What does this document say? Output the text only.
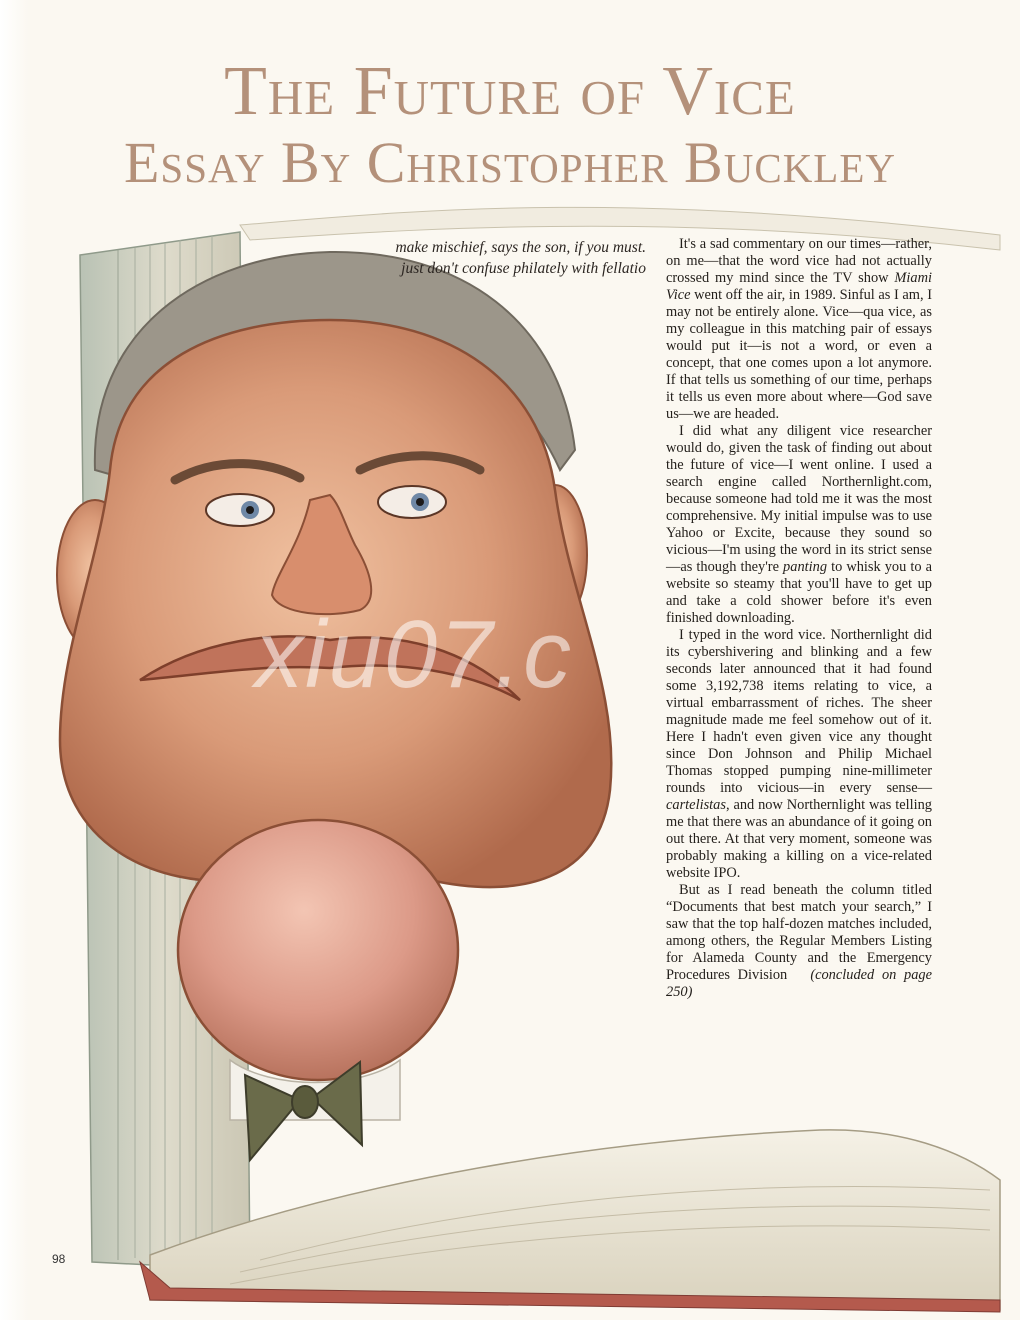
The Future of Vice
Essay By Christopher Buckley
make mischief, says the son, if you must. just don't confuse philately with fellatio

It's a sad commentary on our times—rather, on me—that the word vice had not actually crossed my mind since the TV show Miami Vice went off the air, in 1989. Sinful as I am, I may not be entirely alone. Vice—qua vice, as my colleague in this matching pair of essays would put it—is not a word, or even a concept, that one comes upon a lot anymore. If that tells us something of our time, perhaps it tells us even more about where—God save us—we are headed.

I did what any diligent vice researcher would do, given the task of finding out about the future of vice—I went online. I used a search engine called Northernlight.com, because someone had told me it was the most comprehensive. My initial impulse was to use Yahoo or Excite, because they sound so vicious—I'm using the word in its strict sense—as though they're panting to whisk you to a website so steamy that you'll have to get up and take a cold shower before it's even finished downloading.

I typed in the word vice. Northernlight did its cybershivering and blinking and a few seconds later announced that it had found some 3,192,738 items relating to vice, a virtual embarrassment of riches. The sheer magnitude made me feel somehow out of it. Here I hadn't even given vice any thought since Don Johnson and Philip Michael Thomas stopped pumping nine-millimeter rounds into vicious—in every sense—cartelistas, and now Northernlight was telling me that there was an abundance of it going on out there. At that very moment, someone was probably making a killing on a vice-related website IPO.

But as I read beneath the column titled “Documents that best match your search,” I saw that the top half-dozen matches included, among others, the Regular Members Listing for Alameda County and the Emergency Procedures Division (concluded on page 250)

98
xiu07.c
